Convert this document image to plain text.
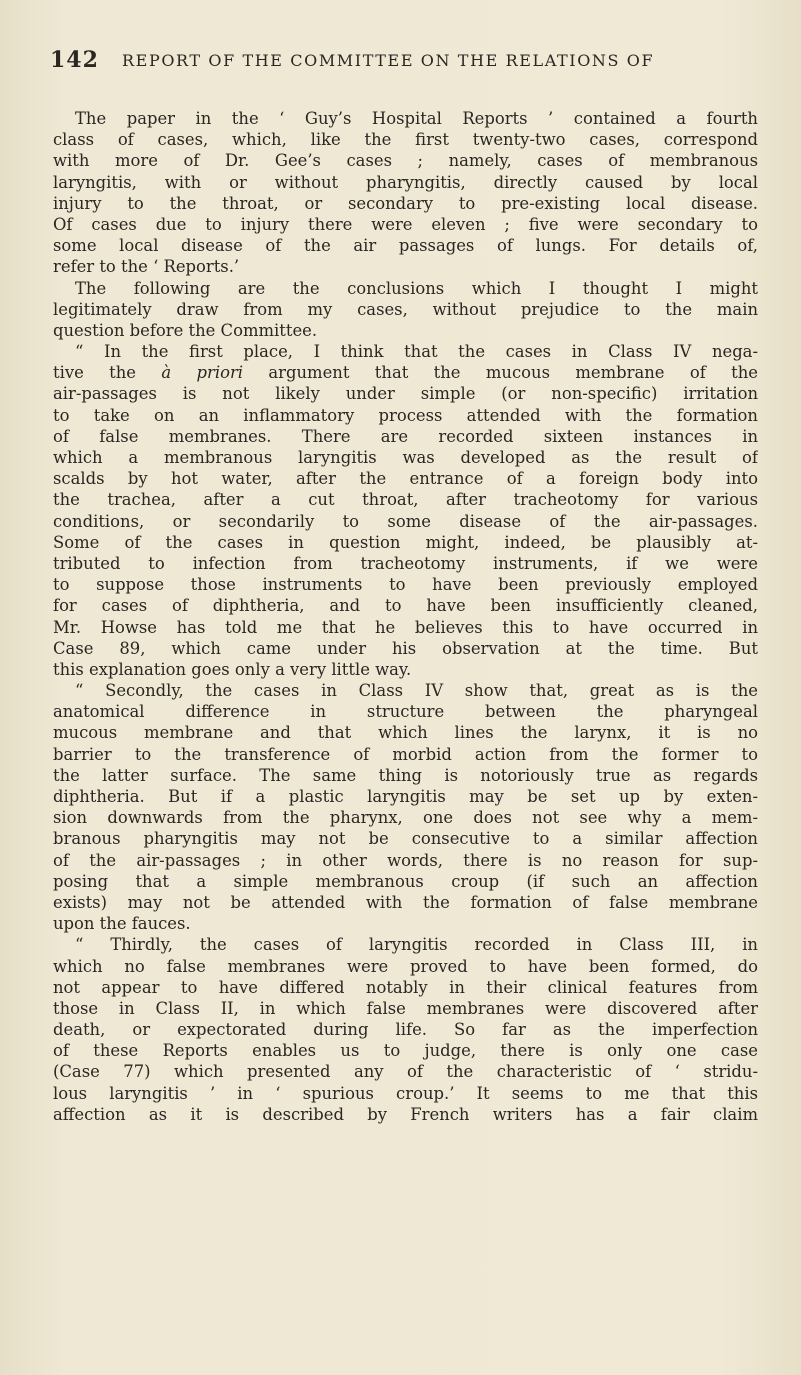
142 REPORT OF THE COMMITTEE ON THE RELATIONS OF
The paper in the ‘ Guy’s Hospital Reports ’ contained a fourth
class of cases, which, like the first twenty-two cases, correspond
with more of Dr. Gee’s cases ; namely, cases of membranous
laryngitis, with or without pharyngitis, directly caused by local
injury to the throat, or secondary to pre-existing local disease.
Of cases due to injury there were eleven ; five were secondary to
some local disease of the air passages of lungs. For details of,
refer to the ‘ Reports.’
The following are the conclusions which I thought I might
legitimately draw from my cases, without prejudice to the main
question before the Committee.
“ In the first place, I think that the cases in Class IV nega-
tive the à priori argument that the mucous membrane of the
air-passages is not likely under simple (or non-specific) irritation
to take on an inflammatory process attended with the formation
of false membranes. There are recorded sixteen instances in
which a membranous laryngitis was developed as the result of
scalds by hot water, after the entrance of a foreign body into
the trachea, after a cut throat, after tracheotomy for various
conditions, or secondarily to some disease of the air-passages.
Some of the cases in question might, indeed, be plausibly at-
tributed to infection from tracheotomy instruments, if we were
to suppose those instruments to have been previously employed
for cases of diphtheria, and to have been insufficiently cleaned,
Mr. Howse has told me that he believes this to have occurred in
Case 89, which came under his observation at the time. But
this explanation goes only a very little way.
“ Secondly, the cases in Class IV show that, great as is the
anatomical difference in structure between the pharyngeal
mucous membrane and that which lines the larynx, it is no
barrier to the transference of morbid action from the former to
the latter surface. The same thing is notoriously true as regards
diphtheria. But if a plastic laryngitis may be set up by exten-
sion downwards from the pharynx, one does not see why a mem-
branous pharyngitis may not be consecutive to a similar affection
of the air-passages ; in other words, there is no reason for sup-
posing that a simple membranous croup (if such an affection
exists) may not be attended with the formation of false membrane
upon the fauces.
“ Thirdly, the cases of laryngitis recorded in Class III, in
which no false membranes were proved to have been formed, do
not appear to have differed notably in their clinical features from
those in Class II, in which false membranes were discovered after
death, or expectorated during life. So far as the imperfection
of these Reports enables us to judge, there is only one case
(Case 77) which presented any of the characteristic of ‘ stridu-
lous laryngitis ’ in ‘ spurious croup.’ It seems to me that this
affection as it is described by French writers has a fair claim
